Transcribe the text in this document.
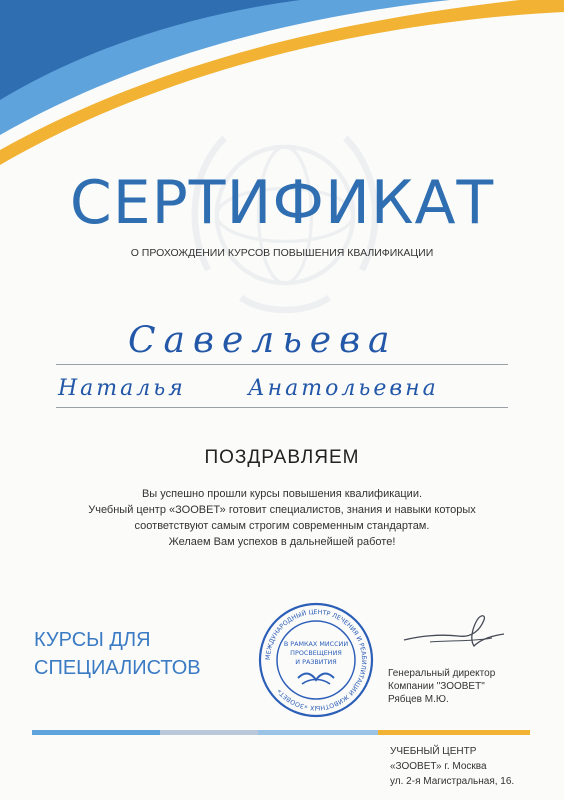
СЕРТИФИКАТ
О ПРОХОЖДЕНИИ КУРСОВ ПОВЫШЕНИЯ КВАЛИФИКАЦИИ
Савельева
Наталья	Анатольевна
ПОЗДРАВЛЯЕМ
Вы успешно прошли курсы повышения квалификации.
Учебный центр «ЗООВЕТ» готовит специалистов, знания и навыки которых
соответствуют самым строгим современным стандартам.
Желаем Вам успехов в дальнейшей работе!
КУРСЫ ДЛЯ
СПЕЦИАЛИСТОВ	МЕЖДУНАРОДНЫЙ ЦЕНТР ЛЕЧЕНИЯ И РЕАБИЛИТАЦИИ ЖИВОТНЫХ «ЗООВЕТ»
В РАМКАХ МИССИИ
ПРОСВЕЩЕНИЯ
И РАЗВИТИЯ
Генеральный директор
Компании "ЗООВЕТ"
Рябцев М.Ю.
УЧЕБНЫЙ ЦЕНТР
«ЗООВЕТ» г. Москва
ул. 2-я Магистральная, 16.
